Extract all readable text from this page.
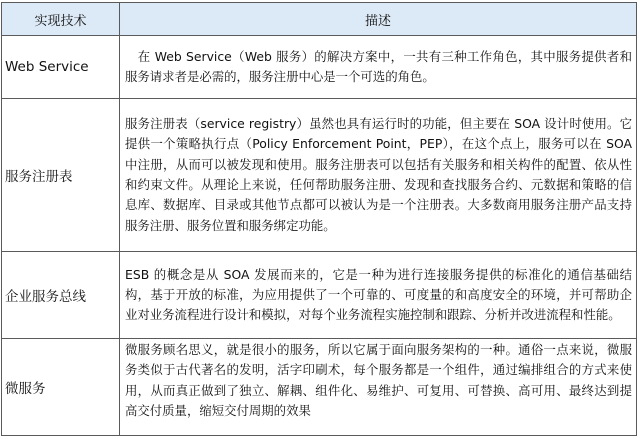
实现技术	描述
Web Service	　在 Web Service（Web 服务）的解决方案中，一共有三种工作角色，其中服务提供者和服务请求者是必需的，服务注册中心是一个可选的角色。
服务注册表	服务注册表（service registry）虽然也具有运行时的功能，但主要在 SOA 设计时使用。它提供一个策略执行点（Policy Enforcement Point，PEP），在这个点上，服务可以在 SOA 中注册，从而可以被发现和使用。服务注册表可以包括有关服务和相关构件的配置、依从性和约束文件。从理论上来说，任何帮助服务注册、发现和查找服务合约、元数据和策略的信息库、数据库、目录或其他节点都可以被认为是一个注册表。大多数商用服务注册产品支持服务注册、服务位置和服务绑定功能。
企业服务总线	ESB 的概念是从 SOA 发展而来的，它是一种为进行连接服务提供的标准化的通信基础结构，基于开放的标准，为应用提供了一个可靠的、可度量的和高度安全的环境，并可帮助企业对业务流程进行设计和模拟，对每个业务流程实施控制和跟踪、分析并改进流程和性能。
微服务	微服务顾名思义，就是很小的服务，所以它属于面向服务架构的一种。通俗一点来说，微服务类似于古代著名的发明，活字印刷术，每个服务都是一个组件，通过编排组合的方式来使用，从而真正做到了独立、解耦、组件化、易维护、可复用、可替换、高可用、最终达到提高交付质量，缩短交付周期的效果
